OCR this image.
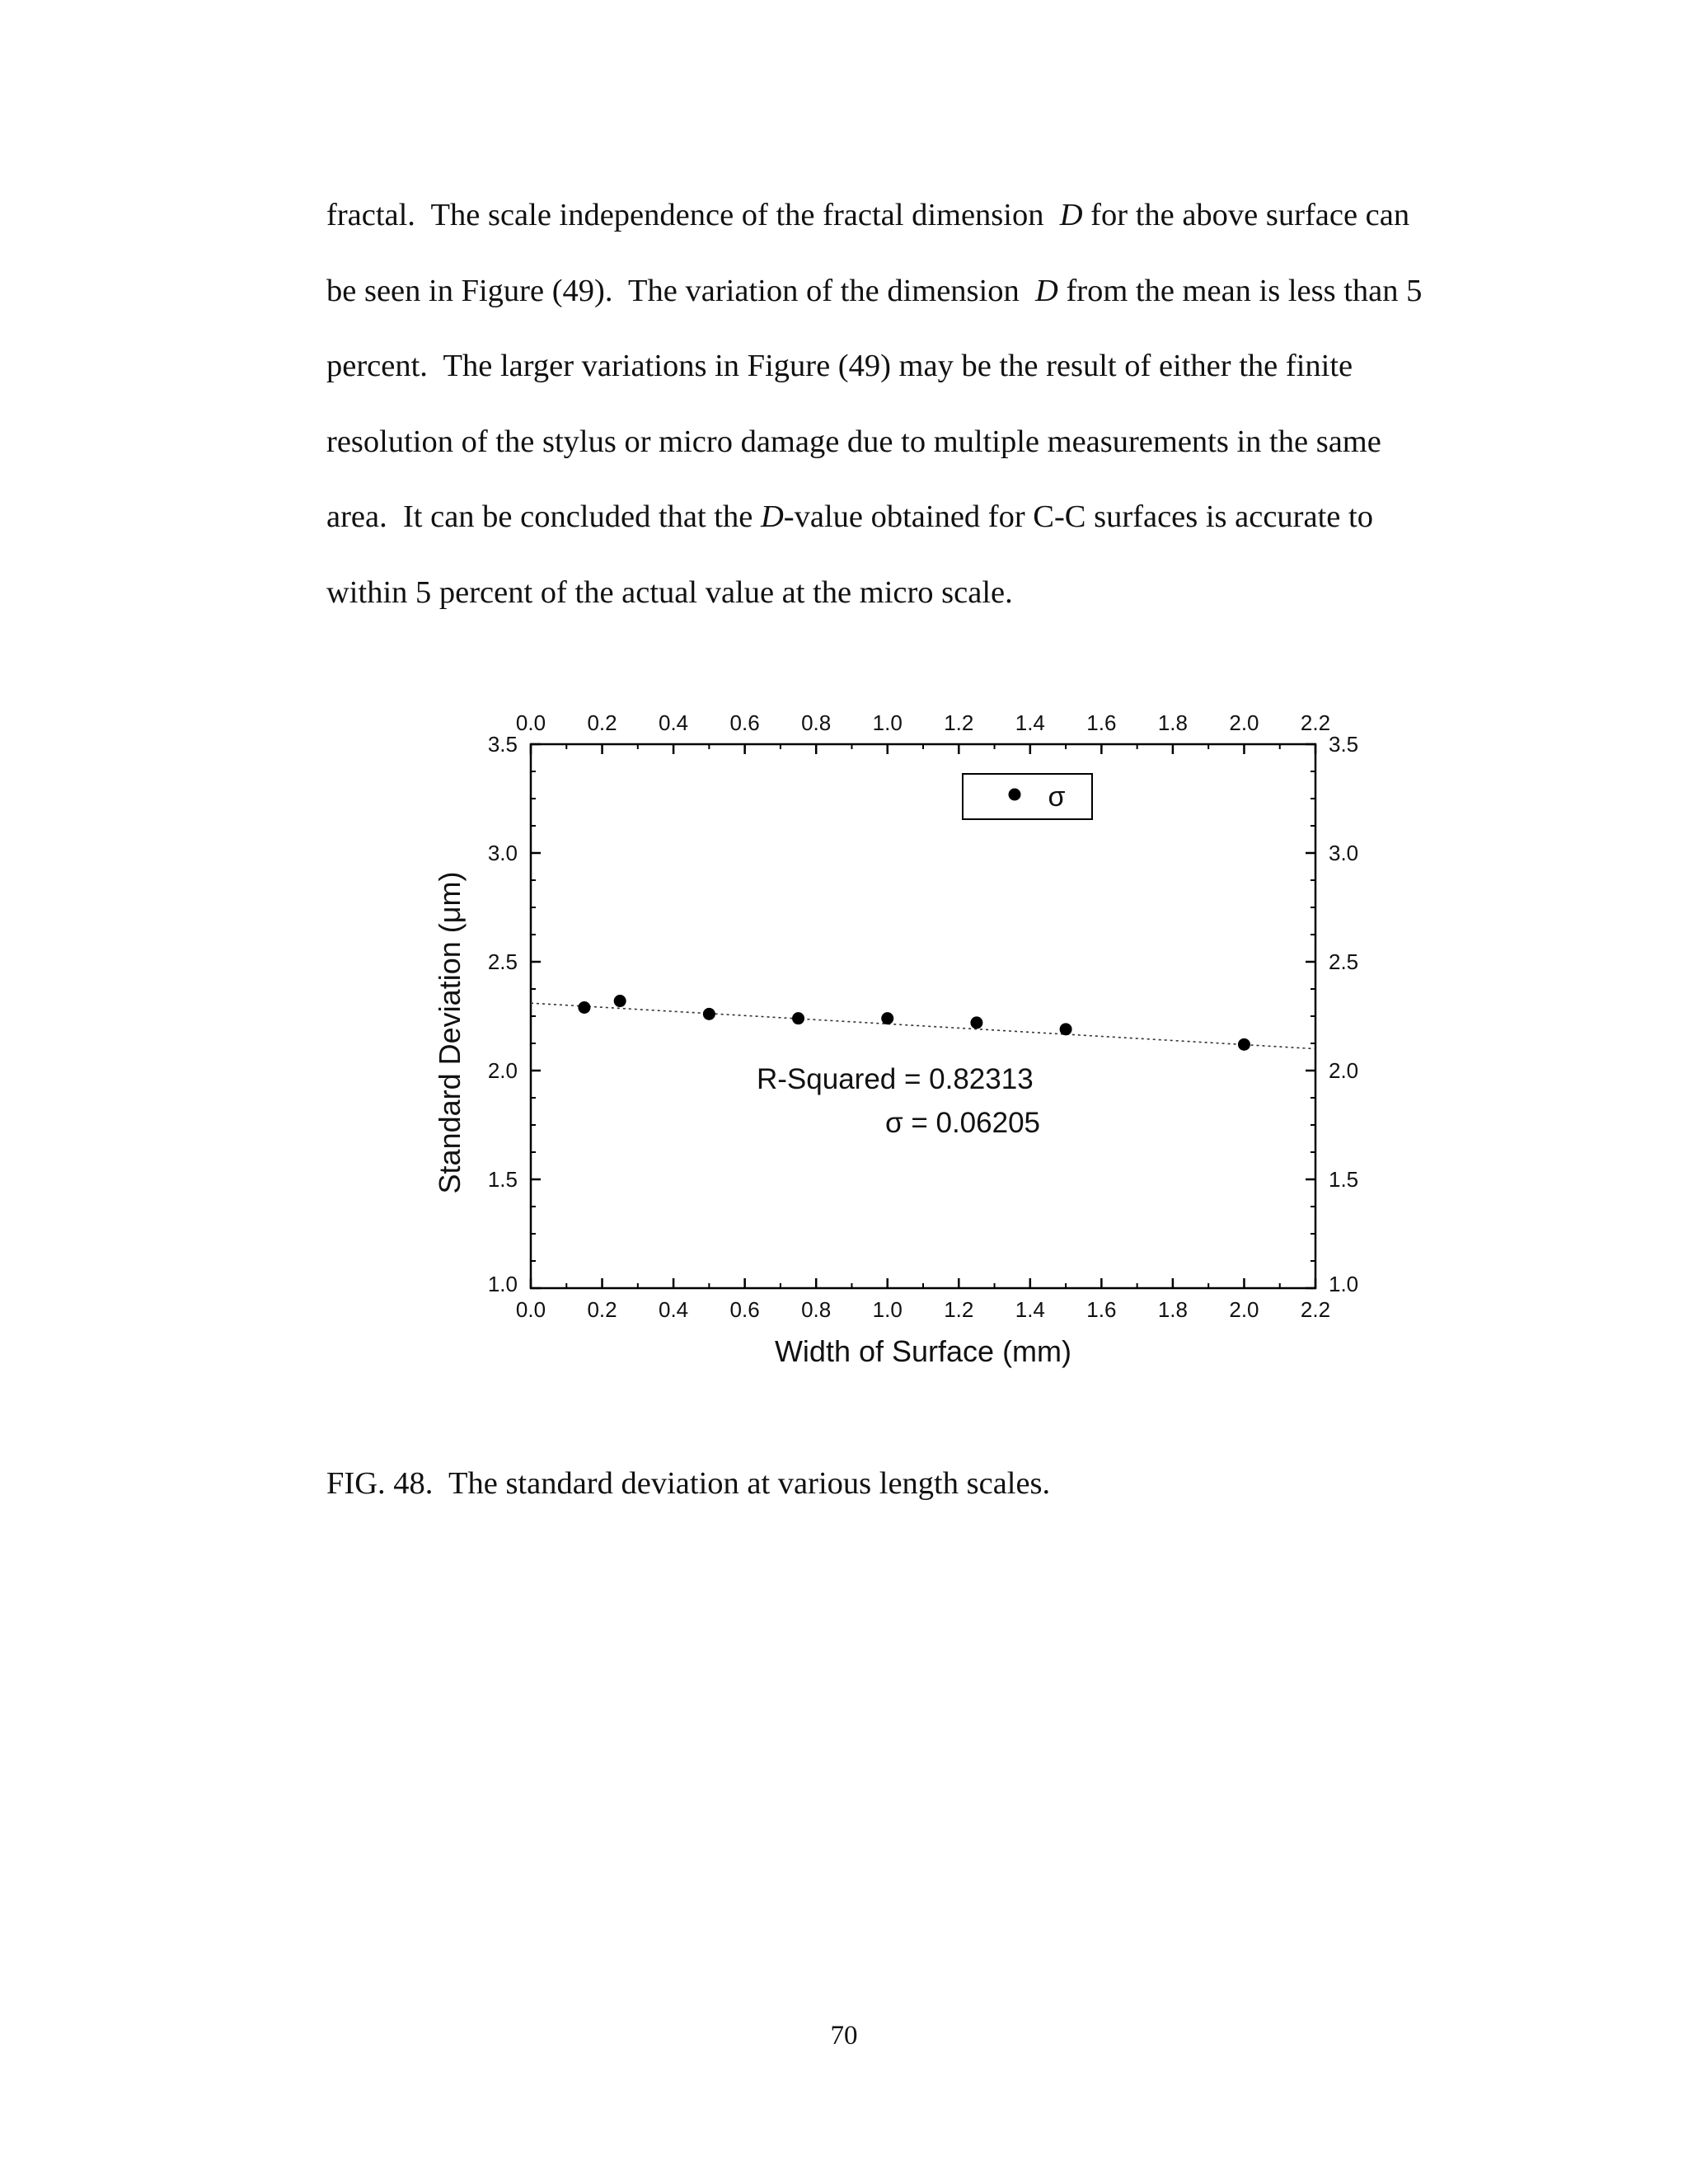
fractal.  The scale independence of the fractal dimension  D for the above surface can
be seen in Figure (49).  The variation of the dimension  D from the mean is less than 5
percent.  The larger variations in Figure (49) may be the result of either the finite
resolution of the stylus or micro damage due to multiple measurements in the same
area.  It can be concluded that the D-value obtained for C-C surfaces is accurate to
within 5 percent of the actual value at the micro scale.
0.0
0.0
0.2
0.2
0.4
0.4
0.6
0.6
0.8
0.8
1.0
1.0
1.2
1.2
1.4
1.4
1.6
1.6
1.8
1.8
2.0
2.0
2.2
2.2
1.0	1.0
1.5	1.5
2.0	2.0
2.5	2.5
3.0	3.0
3.5	3.5
σ
R-Squared = 0.82313
σ = 0.06205
Width of Surface (mm)
Standard Deviation (μm)
FIG. 48.  The standard deviation at various length scales.
70
